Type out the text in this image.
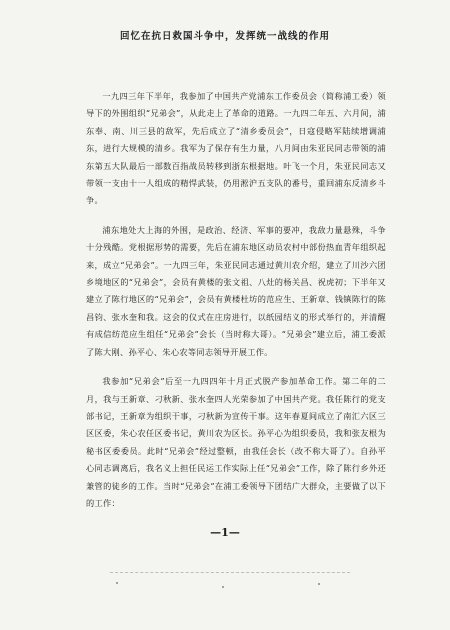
回忆在抗日救国斗争中，发挥统一战线的作用

一九四三年下半年，我参加了中国共产党浦东工作委员会（简称浦工委）领导下的外围组织“兄弟会”，从此走上了革命的道路。一九四二年五、六月间，浦东奉、南、川三县的敌军，先后成立了“清乡委员会”，日寇侵略军陆续增调浦东，进行大规模的清乡。我军为了保存有生力量，八月间由朱亚民同志带领的浦东第五大队最后一部数百指战员转移到浙东根据地。叶飞一个月，朱亚民同志又带领一支由十一人组成的精悍武装，仍用淞沪五支队的番号，重回浦东反清乡斗争。

浦东地处大上海的外围，是政治、经济、军事的要冲，我敌力量悬殊，斗争十分残酷。党根据形势的需要，先后在浦东地区动员农村中部份热血青年组织起来，成立“兄弟会”。一九四三年，朱亚民同志通过黄川农介绍，建立了川沙六团乡境地区的“兄弟会”，会员有黄楼的张文祖、八灶的杨关昌、祝虎初；下半年又建立了陈行地区的“兄弟会”，会员有黄楼杜坊的范应生、王新章、钱镇陈行的陈昌钧、张水奎和我。这会的仪式在庄房进行，以纸园结义的形式举行的，并清醒有成信纺范应生组任“兄弟会”会长（当时称大哥）。“兄弟会”建立后，浦工委派了陈大刚、孙平心、朱心农等同志领导开展工作。

我参加“兄弟会”后至一九四四年十月正式脱产参加革命工作。第二年的二月，我与王新章、刁秋新、张水奎四人光荣参加了中国共产党。我任陈行的党支部书记，王新章为组织干事，刁秋新为宣传干事。这年春夏间成立了南汇六区三区区委，朱心农任区委书记，黄川农为区长。孙平心为组织委员，我和张友根为秘书区委委员。此时“兄弟会”经过整顿，由我任会长（改不称大哥了）。自孙平心同志调离后，我名义上担任民运工作实际上任“兄弟会”工作，除了陈行乡外还兼管的徒乡的工作。当时“兄弟会”在浦工委领导下团结广大群众，主要做了以下的工作：

—1—
